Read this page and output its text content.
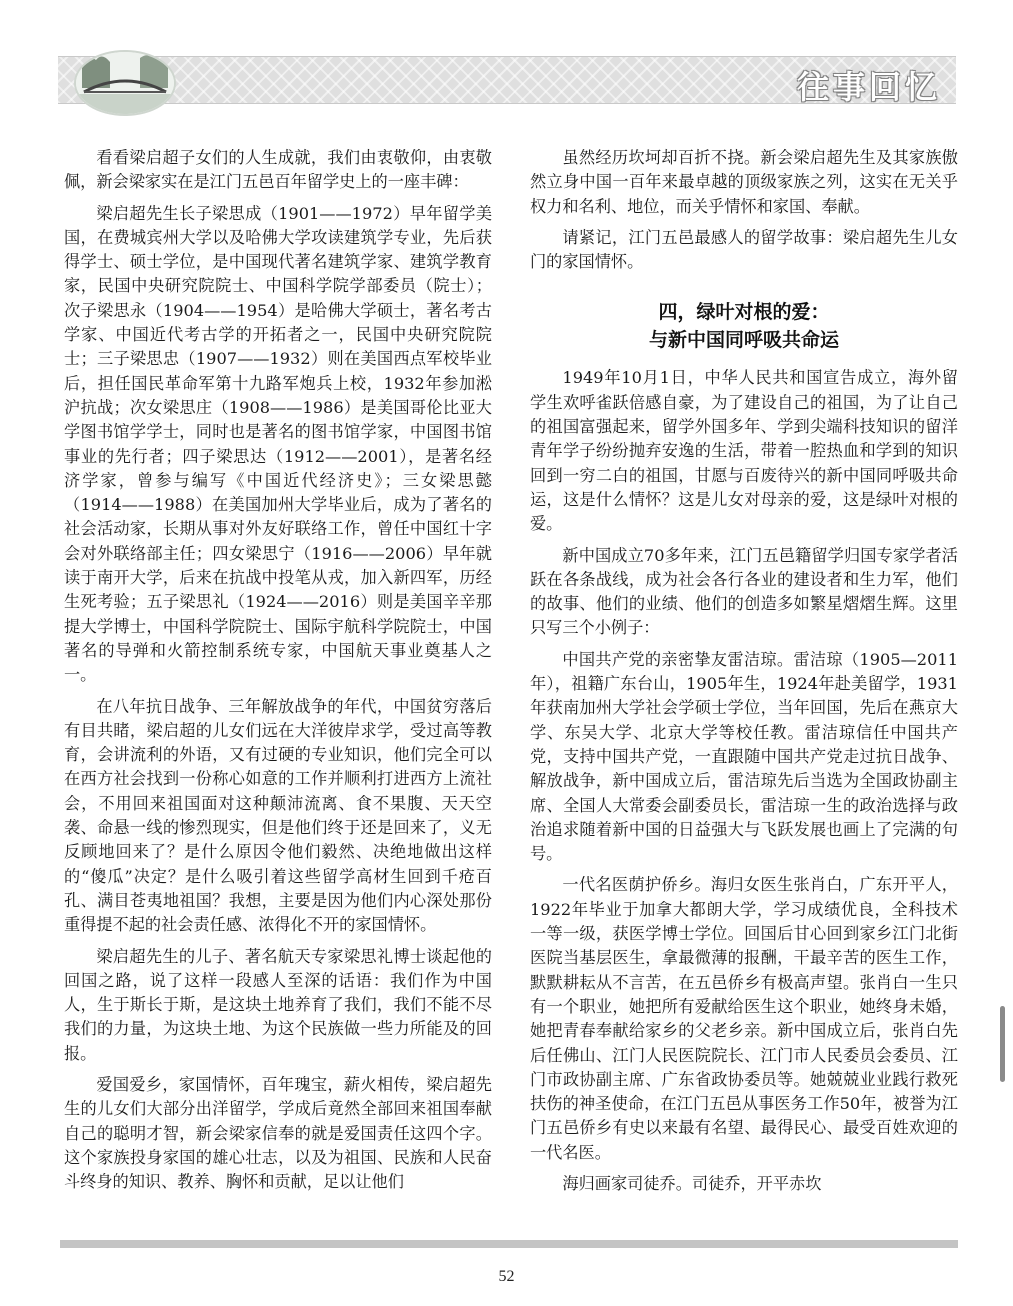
往事回忆

看看梁启超子女们的人生成就，我们由衷敬仰，由衷敬佩，新会梁家实在是江门五邑百年留学史上的一座丰碑：

梁启超先生长子梁思成（1901——1972）早年留学美国，在费城宾州大学以及哈佛大学攻读建筑学专业，先后获得学士、硕士学位，是中国现代著名建筑学家、建筑学教育家，民国中央研究院院士、中国科学院学部委员（院士）；次子梁思永（1904——1954）是哈佛大学硕士，著名考古学家、中国近代考古学的开拓者之一，民国中央研究院院士；三子梁思忠（1907——1932）则在美国西点军校毕业后，担任国民革命军第十九路军炮兵上校，1932年参加淞沪抗战；次女梁思庄（1908——1986）是美国哥伦比亚大学图书馆学学士，同时也是著名的图书馆学家，中国图书馆事业的先行者；四子梁思达（1912——2001），是著名经济学家，曾参与编写《中国近代经济史》；三女梁思懿（1914——1988）在美国加州大学毕业后，成为了著名的社会活动家，长期从事对外友好联络工作，曾任中国红十字会对外联络部主任；四女梁思宁（1916——2006）早年就读于南开大学，后来在抗战中投笔从戎，加入新四军，历经生死考验；五子梁思礼（1924——2016）则是美国辛辛那提大学博士，中国科学院院士、国际宇航科学院院士，中国著名的导弹和火箭控制系统专家，中国航天事业奠基人之一。

在八年抗日战争、三年解放战争的年代，中国贫穷落后有目共睹，梁启超的儿女们远在大洋彼岸求学，受过高等教育，会讲流利的外语，又有过硬的专业知识，他们完全可以在西方社会找到一份称心如意的工作并顺利打进西方上流社会，不用回来祖国面对这种颠沛流离、食不果腹、天天空袭、命悬一线的惨烈现实，但是他们终于还是回来了，义无反顾地回来了？是什么原因令他们毅然、决绝地做出这样的“傻瓜”决定？是什么吸引着这些留学高材生回到千疮百孔、满目苍夷地祖国？我想，主要是因为他们内心深处那份重得提不起的社会责任感、浓得化不开的家国情怀。

梁启超先生的儿子、著名航天专家梁思礼博士谈起他的回国之路，说了这样一段感人至深的话语：我们作为中国人，生于斯长于斯，是这块土地养育了我们，我们不能不尽我们的力量，为这块土地、为这个民族做一些力所能及的回报。

爱国爱乡，家国情怀，百年瑰宝，薪火相传，梁启超先生的儿女们大部分出洋留学，学成后竟然全部回来祖国奉献自己的聪明才智，新会梁家信奉的就是爱国责任这四个字。这个家族投身家国的雄心壮志，以及为祖国、民族和人民奋斗终身的知识、教养、胸怀和贡献，足以让他们

虽然经历坎坷却百折不挠。新会梁启超先生及其家族傲然立身中国一百年来最卓越的顶级家族之列，这实在无关乎权力和名利、地位，而关乎情怀和家国、奉献。

请紧记，江门五邑最感人的留学故事：梁启超先生儿女门的家国情怀。

四，绿叶对根的爱：
与新中国同呼吸共命运

1949年10月1日，中华人民共和国宣告成立，海外留学生欢呼雀跃倍感自豪，为了建设自己的祖国，为了让自己的祖国富强起来，留学外国多年、学到尖端科技知识的留洋青年学子纷纷抛弃安逸的生活，带着一腔热血和学到的知识回到一穷二白的祖国，甘愿与百废待兴的新中国同呼吸共命运，这是什么情怀？这是儿女对母亲的爱，这是绿叶对根的爱。

新中国成立70多年来，江门五邑籍留学归国专家学者活跃在各条战线，成为社会各行各业的建设者和生力军，他们的故事、他们的业绩、他们的创造多如繁星熠熠生辉。这里只写三个小例子：

中国共产党的亲密挚友雷洁琼。雷洁琼（1905—2011年），祖籍广东台山，1905年生，1924年赴美留学，1931年获南加州大学社会学硕士学位，当年回国，先后在燕京大学、东吴大学、北京大学等校任教。雷洁琼信任中国共产党，支持中国共产党，一直跟随中国共产党走过抗日战争、解放战争，新中国成立后，雷洁琼先后当选为全国政协副主席、全国人大常委会副委员长，雷洁琼一生的政治选择与政治追求随着新中国的日益强大与飞跃发展也画上了完满的句号。

一代名医荫护侨乡。海归女医生张肖白，广东开平人，1922年毕业于加拿大都朗大学，学习成绩优良，全科技术一等一级，获医学博士学位。回国后甘心回到家乡江门北街医院当基层医生，拿最微薄的报酬，干最辛苦的医生工作，默默耕耘从不言苦，在五邑侨乡有极高声望。张肖白一生只有一个职业，她把所有爱献给医生这个职业，她终身未婚，她把青春奉献给家乡的父老乡亲。新中国成立后，张肖白先后任佛山、江门人民医院院长、江门市人民委员会委员、江门市政协副主席、广东省政协委员等。她兢兢业业践行救死扶伤的神圣使命，在江门五邑从事医务工作50年，被誉为江门五邑侨乡有史以来最有名望、最得民心、最受百姓欢迎的一代名医。

海归画家司徒乔。司徒乔，开平赤坎

52
